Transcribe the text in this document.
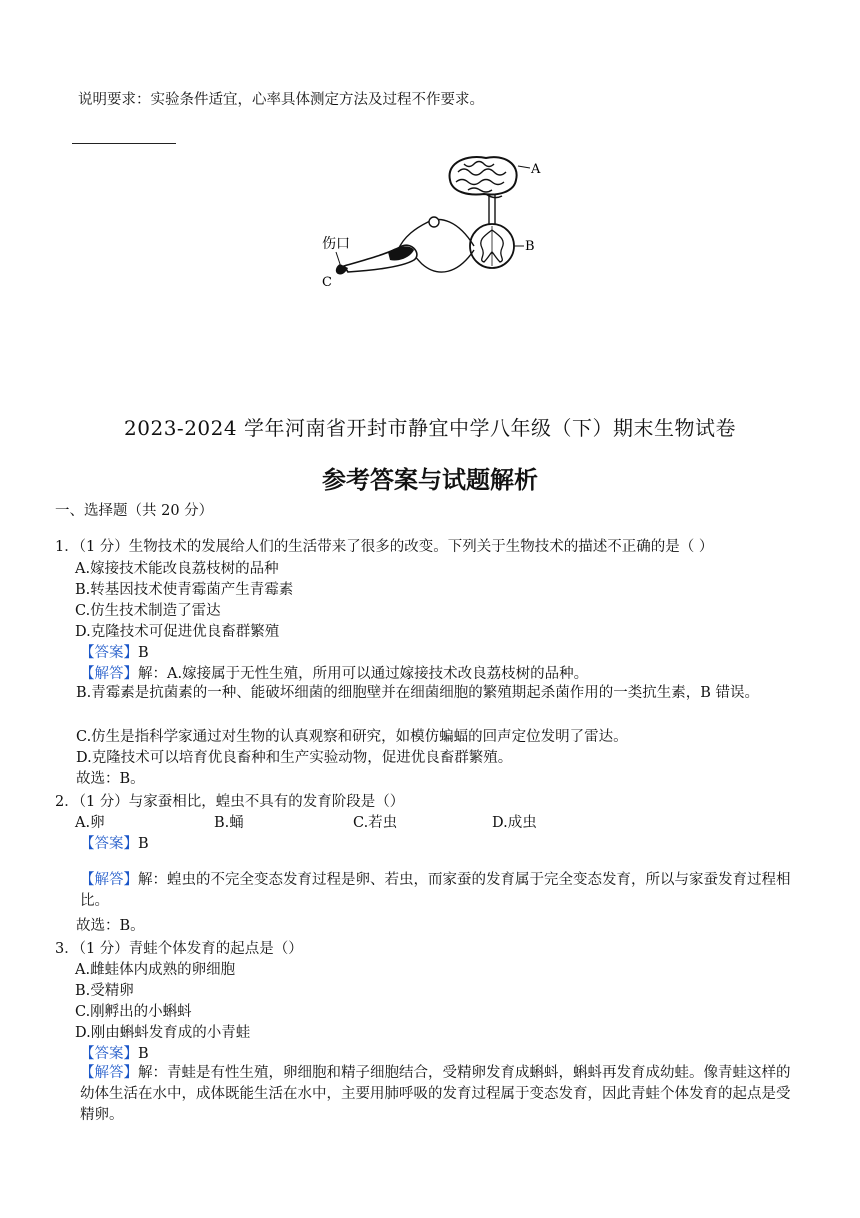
说明要求：实验条件适宜，心率具体测定方法及过程不作要求。
A
B
伤口
C
2023-2024 学年河南省开封市静宜中学八年级（下）期末生物试卷
参考答案与试题解析
一、选择题（共 20 分）
1．（1 分）生物技术的发展给人们的生活带来了很多的改变。下列关于生物技术的描述不正确的是（ ）
A.嫁接技术能改良荔枝树的品种
B.转基因技术使青霉菌产生青霉素
C.仿生技术制造了雷达
D.克隆技术可促进优良畜群繁殖
【答案】B
【解答】解：A.嫁接属于无性生殖，所用可以通过嫁接技术改良荔枝树的品种。
B.青霉素是抗菌素的一种、能破坏细菌的细胞壁并在细菌细胞的繁殖期起杀菌作用的一类抗生素，B 错误。
C.仿生是指科学家通过对生物的认真观察和研究，如模仿蝙蝠的回声定位发明了雷达。
D.克隆技术可以培育优良畜种和生产实验动物，促进优良畜群繁殖。
故选：B。
2．（1 分）与家蚕相比，蝗虫不具有的发育阶段是（）
A.卵	B.蛹	C.若虫	D.成虫
【答案】B
【解答】解：蝗虫的不完全变态发育过程是卵、若虫，而家蚕的发育属于完全变态发育，所以与家蚕发育过程相比。
故选：B。
3．（1 分）青蛙个体发育的起点是（）
A.雌蛙体内成熟的卵细胞
B.受精卵
C.刚孵出的小蝌蚪
D.刚由蝌蚪发育成的小青蛙
【答案】B
【解答】解：青蛙是有性生殖，卵细胞和精子细胞结合，受精卵发育成蝌蚪，蝌蚪再发育成幼蛙。像青蛙这样的幼体生活在水中，成体既能生活在水中，主要用肺呼吸的发育过程属于变态发育，因此青蛙个体发育的起点是受精卵。
